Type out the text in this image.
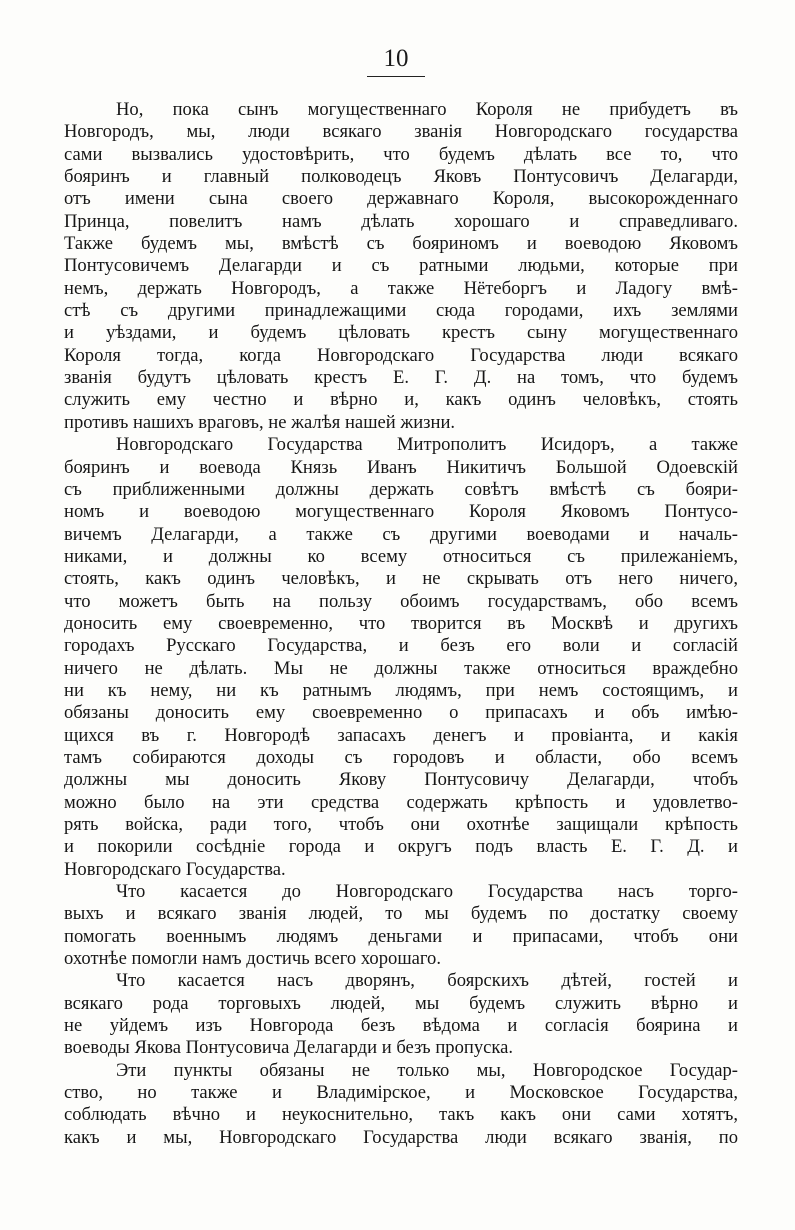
10
Но, пока сынъ могущественнаго Короля не прибудетъ въ
Новгородъ, мы, люди всякаго званія Новгородскаго государства
сами вызвались удостовѣрить, что будемъ дѣлать все то, что
бояринъ и главный полководецъ Яковъ Понтусовичъ Делагарди,
отъ имени сына своего державнаго Короля, высокорожденнаго
Принца, повелитъ намъ дѣлать хорошаго и справедливаго.
Также будемъ мы, вмѣстѣ съ бояриномъ и воеводою Яковомъ
Понтусовичемъ Делагарди и съ ратными людьми, которые при
немъ, держать Новгородъ, а также Нётеборгъ и Ладогу вмѣ-
стѣ съ другими принадлежащими сюда городами, ихъ землями
и уѣздами, и будемъ цѣловать крестъ сыну могущественнаго
Короля тогда, когда Новгородскаго Государства люди всякаго
званія будутъ цѣловать крестъ Е. Г. Д. на томъ, что будемъ
служить ему честно и вѣрно и, какъ одинъ человѣкъ, стоять
противъ нашихъ враговъ, не жалѣя нашей жизни.
Новгородскаго Государства Митрополитъ Исидоръ, а также
бояринъ и воевода Князь Иванъ Никитичъ Большой Одоевскій
съ приближенными должны держать совѣтъ вмѣстѣ съ бояри-
номъ и воеводою могущественнаго Короля Яковомъ Понтусо-
вичемъ Делагарди, а также съ другими воеводами и началь-
никами, и должны ко всему относиться съ прилежаніемъ,
стоять, какъ одинъ человѣкъ, и не скрывать отъ него ничего,
что можетъ быть на пользу обоимъ государствамъ, обо всемъ
доносить ему своевременно, что творится въ Москвѣ и другихъ
городахъ Русскаго Государства, и безъ его воли и согласій
ничего не дѣлать. Мы не должны также относиться враждебно
ни къ нему, ни къ ратнымъ людямъ, при немъ состоящимъ, и
обязаны доносить ему своевременно о припасахъ и объ имѣю-
щихся въ г. Новгородѣ запасахъ денегъ и провіанта, и какія
тамъ собираются доходы съ городовъ и области, обо всемъ
должны мы доносить Якову Понтусовичу Делагарди, чтобъ
можно было на эти средства содержать крѣпость и удовлетво-
рять войска, ради того, чтобъ они охотнѣе защищали крѣпость
и покорили сосѣдніе города и округъ подъ власть Е. Г. Д. и
Новгородскаго Государства.
Что касается до Новгородскаго Государства насъ торго-
выхъ и всякаго званія людей, то мы будемъ по достатку своему
помогать военнымъ людямъ деньгами и припасами, чтобъ они
охотнѣе помогли намъ достичь всего хорошаго.
Что касается насъ дворянъ, боярскихъ дѣтей, гостей и
всякаго рода торговыхъ людей, мы будемъ служить вѣрно и
не уйдемъ изъ Новгорода безъ вѣдома и согласія боярина и
воеводы Якова Понтусовича Делагарди и безъ пропуска.
Эти пункты обязаны не только мы, Новгородское Государ-
ство, но также и Владимірское, и Московское Государства,
соблюдать вѣчно и неукоснительно, такъ какъ они сами хотятъ,
какъ и мы, Новгородскаго Государства люди всякаго званія, по
